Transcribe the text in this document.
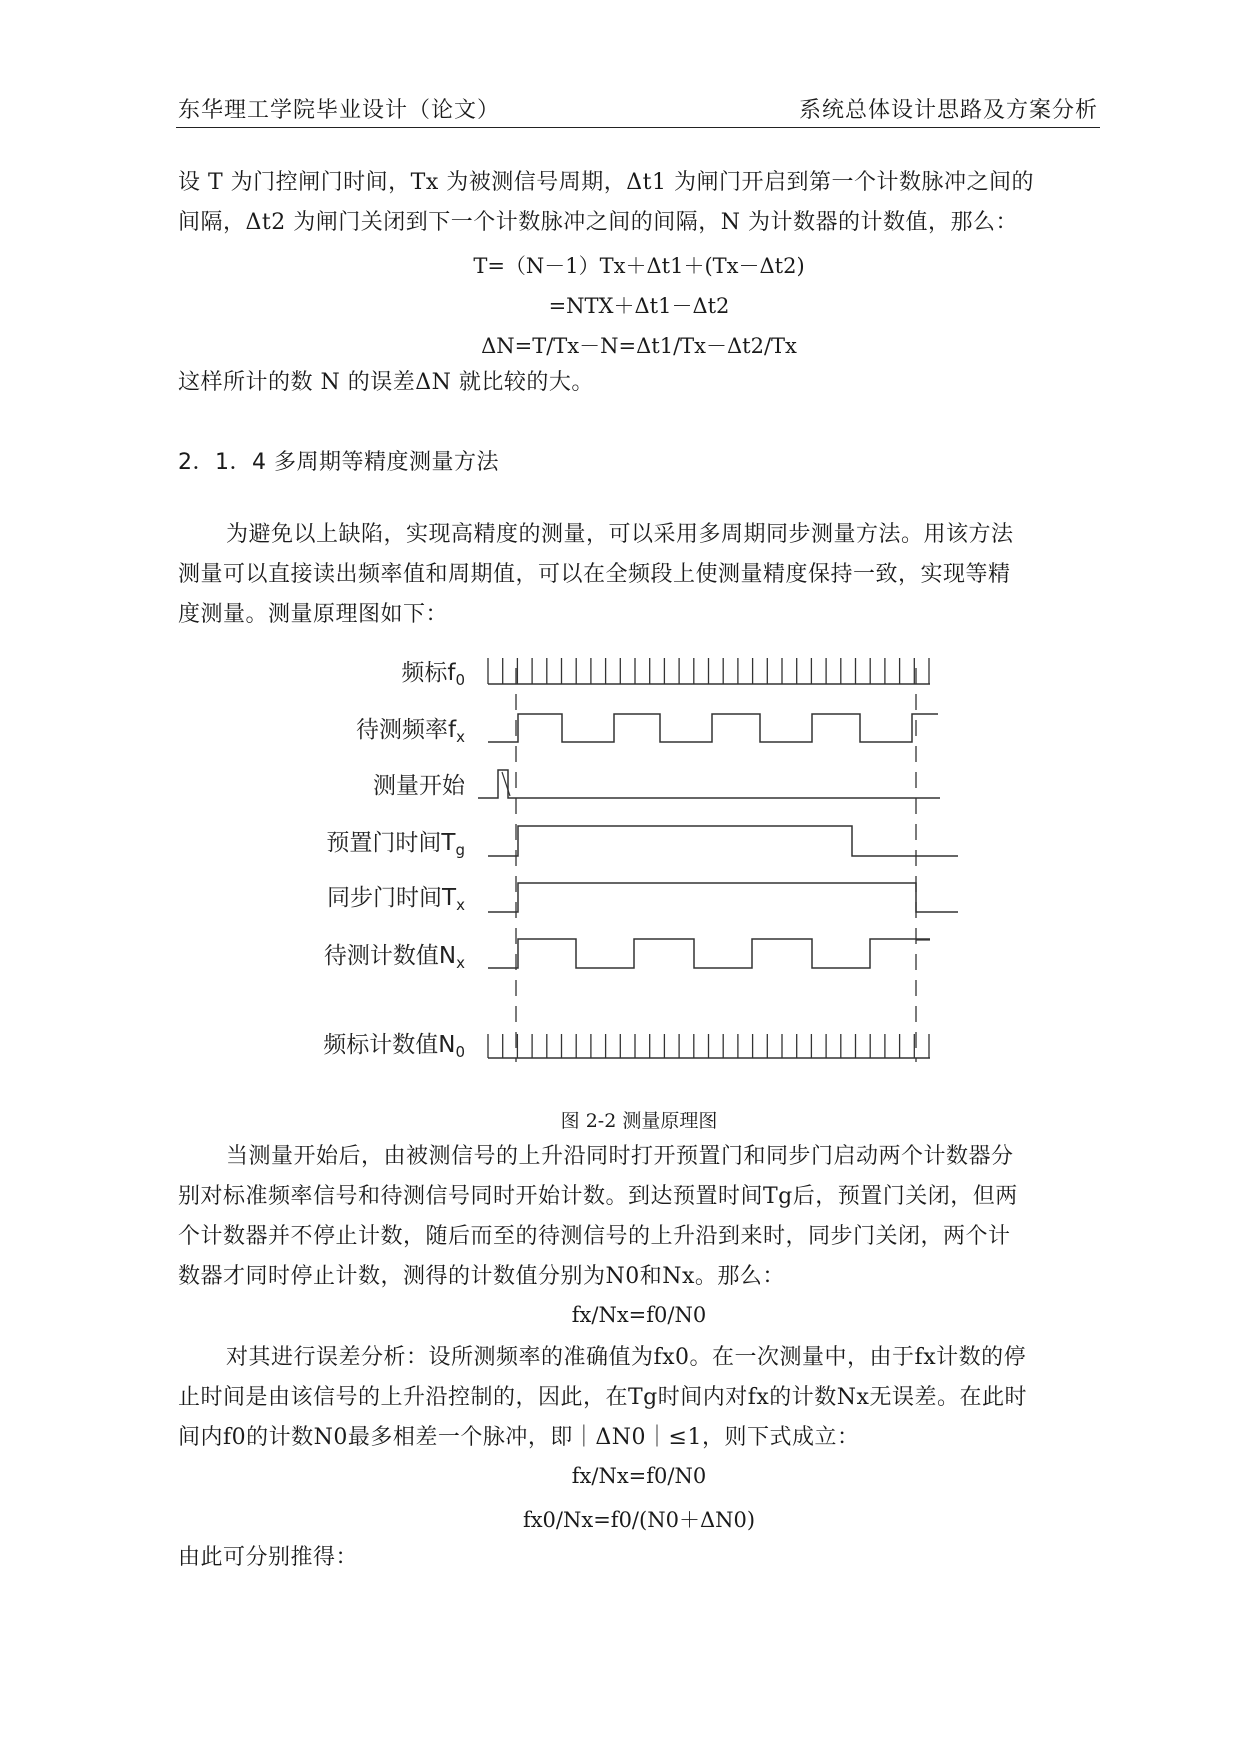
东华理工学院毕业设计（论文）	系统总体设计思路及方案分析
设 T 为门控闸门时间，Tx 为被测信号周期，Δt1 为闸门开启到第一个计数脉冲之间的
间隔，Δt2 为闸门关闭到下一个计数脉冲之间的间隔，N 为计数器的计数值，那么：
T=（N－1）Tx＋Δt1＋(Tx－Δt2)
=NTX＋Δt1－Δt2
ΔN=T/Tx－N=Δt1/Tx－Δt2/Tx
这样所计的数 N 的误差ΔN 就比较的大。
2．1．4 多周期等精度测量方法
为避免以上缺陷，实现高精度的测量，可以采用多周期同步测量方法。用该方法
测量可以直接读出频率值和周期值，可以在全频段上使测量精度保持一致，实现等精
度测量。测量原理图如下：
频标$f_0$
待测频率$f_x$
测量开始
预置门时间$T_g$
同步门时间$T_x$
待测计数值$N_x$
频标计数值$N_0$
图 2-2 测量原理图
当测量开始后，由被测信号的上升沿同时打开预置门和同步门启动两个计数器分
别对标准频率信号和待测信号同时开始计数。到达预置时间Tg后，预置门关闭，但两
个计数器并不停止计数，随后而至的待测信号的上升沿到来时，同步门关闭，两个计
数器才同时停止计数，测得的计数值分别为N0和Nx。那么：
fx/Nx=f0/N0
对其进行误差分析：设所测频率的准确值为fx0。在一次测量中，由于fx计数的停
止时间是由该信号的上升沿控制的，因此，在Tg时间内对fx的计数Nx无误差。在此时
间内f0的计数N0最多相差一个脉冲，即｜ΔN0｜≤1，则下式成立：
fx/Nx=f0/N0
fx0/Nx=f0/(N0＋ΔN0)
由此可分别推得：
